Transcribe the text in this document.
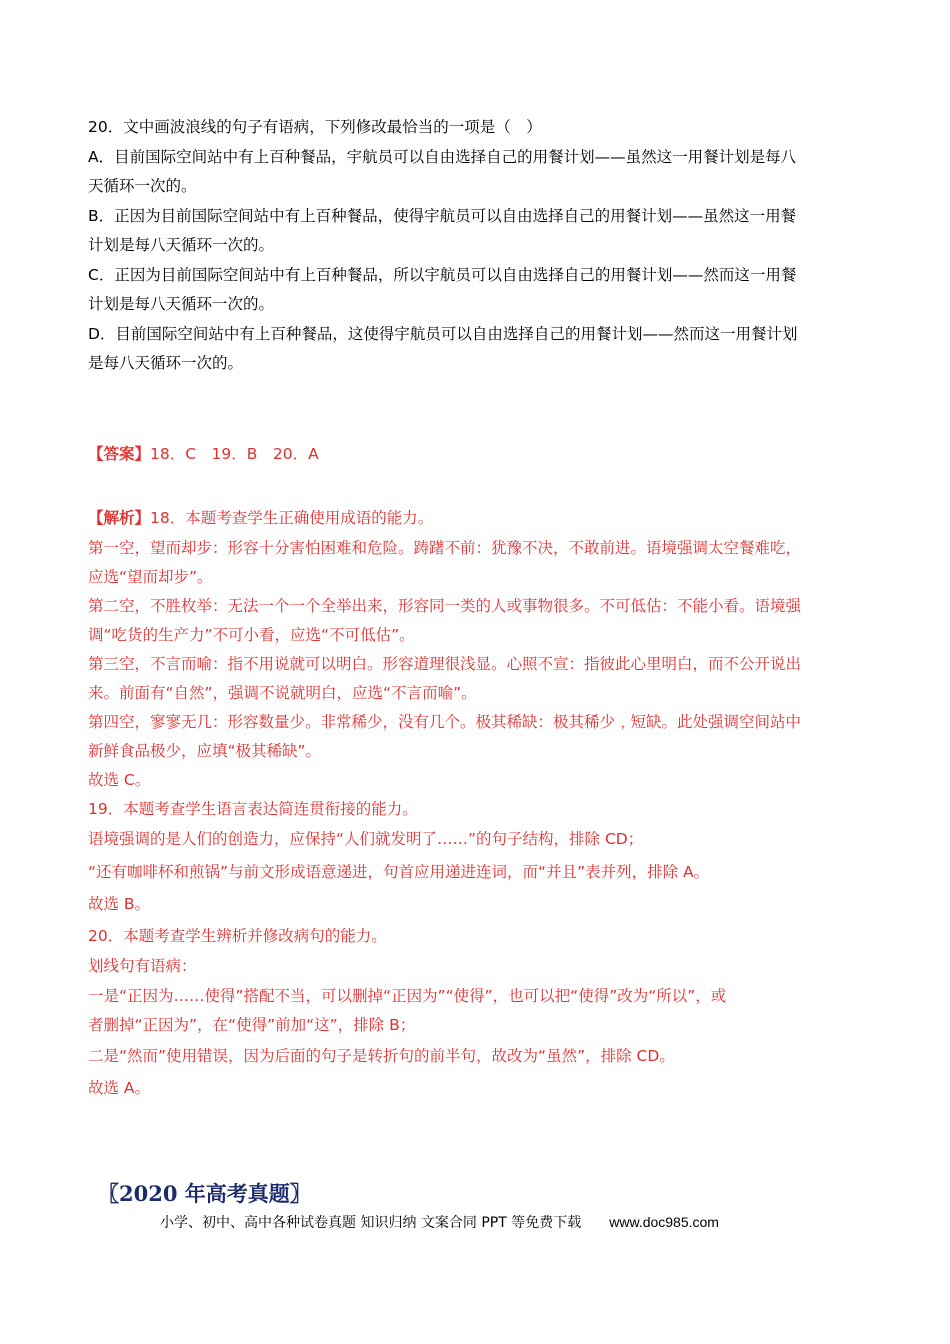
20．文中画波浪线的句子有语病，下列修改最恰当的一项是（　）
A．目前国际空间站中有上百种餐品，宇航员可以自由选择自己的用餐计划——虽然这一用餐计划是每八
天循环一次的。
B．正因为目前国际空间站中有上百种餐品，使得宇航员可以自由选择自己的用餐计划——虽然这一用餐
计划是每八天循环一次的。
C．正因为目前国际空间站中有上百种餐品，所以宇航员可以自由选择自己的用餐计划——然而这一用餐
计划是每八天循环一次的。
D．目前国际空间站中有上百种餐品，这使得宇航员可以自由选择自己的用餐计划——然而这一用餐计划
是每八天循环一次的。
【答案】18．C　19．B　20．A
【解析】18．本题考查学生正确使用成语的能力。
第一空，望而却步：形容十分害怕困难和危险。踌躇不前：犹豫不决，不敢前进。语境强调太空餐难吃，
应选“望而却步”。
第二空，不胜枚举：无法一个一个全举出来，形容同一类的人或事物很多。不可低估：不能小看。语境强
调“吃货的生产力”不可小看，应选“不可低估”。
第三空，不言而喻：指不用说就可以明白。形容道理很浅显。心照不宣：指彼此心里明白，而不公开说出
来。前面有“自然”，强调不说就明白，应选“不言而喻”。
第四空，寥寥无几：形容数量少。非常稀少，没有几个。极其稀缺：极其稀少﹐短缺。此处强调空间站中
新鲜食品极少，应填“极其稀缺”。
故选 C。
19．本题考查学生语言表达简连贯衔接的能力。
语境强调的是人们的创造力，应保持“人们就发明了……”的句子结构，排除 CD；
“还有咖啡杯和煎锅”与前文形成语意递进，句首应用递进连词，而“并且”表并列，排除 A。
故选 B。
20．本题考查学生辨析并修改病句的能力。
划线句有语病：
一是“正因为……使得”搭配不当，可以删掉“正因为”“使得”，也可以把“使得”改为“所以”，或
者删掉“正因为”，在“使得”前加“这”，排除 B；
二是“然而”使用错误，因为后面的句子是转折句的前半句，故改为“虽然”，排除 CD。
故选 A。
〖2020 年高考真题〗
小学、初中、高中各种试卷真题 知识归纳 文案合同 PPT 等免费下载 www.doc985.com
